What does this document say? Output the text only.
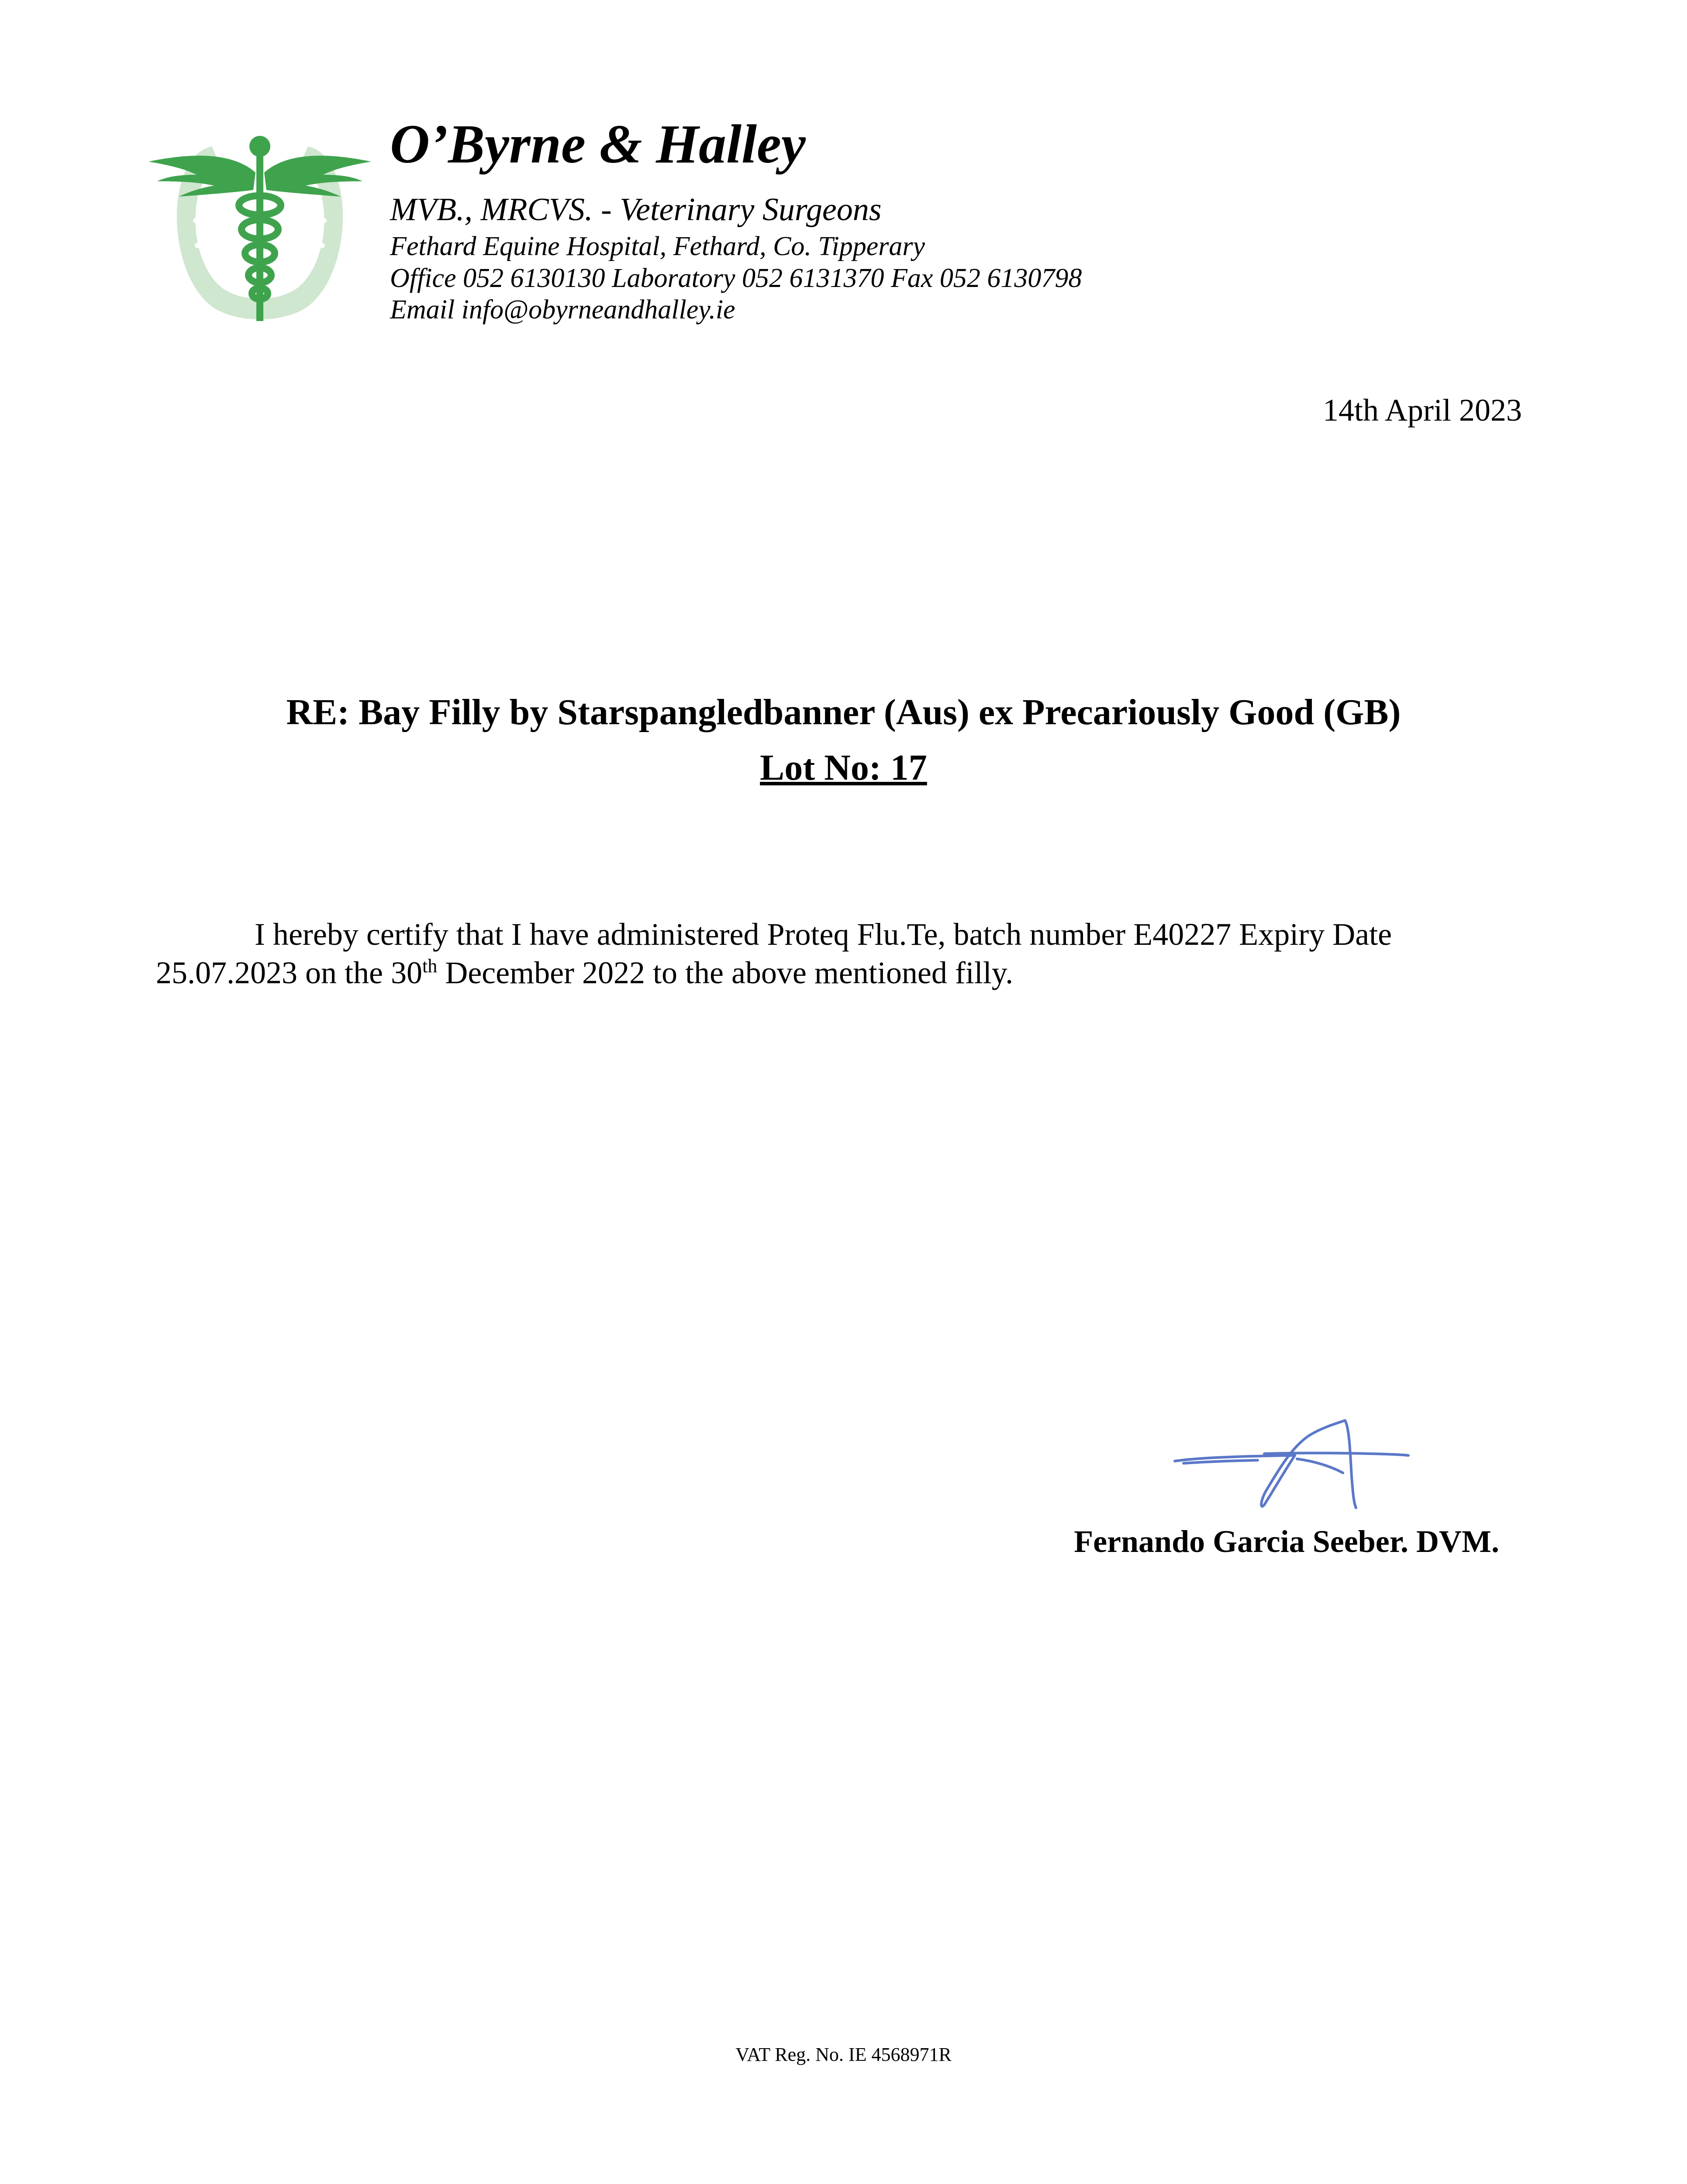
O’Byrne & Halley
MVB., MRCVS. - Veterinary Surgeons
Fethard Equine Hospital, Fethard, Co. Tipperary
Office 052 6130130 Laboratory 052 6131370 Fax 052 6130798
Email info@obyrneandhalley.ie
14th April 2023
RE: Bay Filly by Starspangledbanner (Aus) ex Precariously Good (GB)
Lot No: 17

I hereby certify that I have administered Proteq Flu.Te, batch number E40227 Expiry Date

25.07.2023 on the 30th December 2022 to the above mentioned filly.

Fernando Garcia Seeber. DVM.
VAT Reg. No. IE 4568971R
